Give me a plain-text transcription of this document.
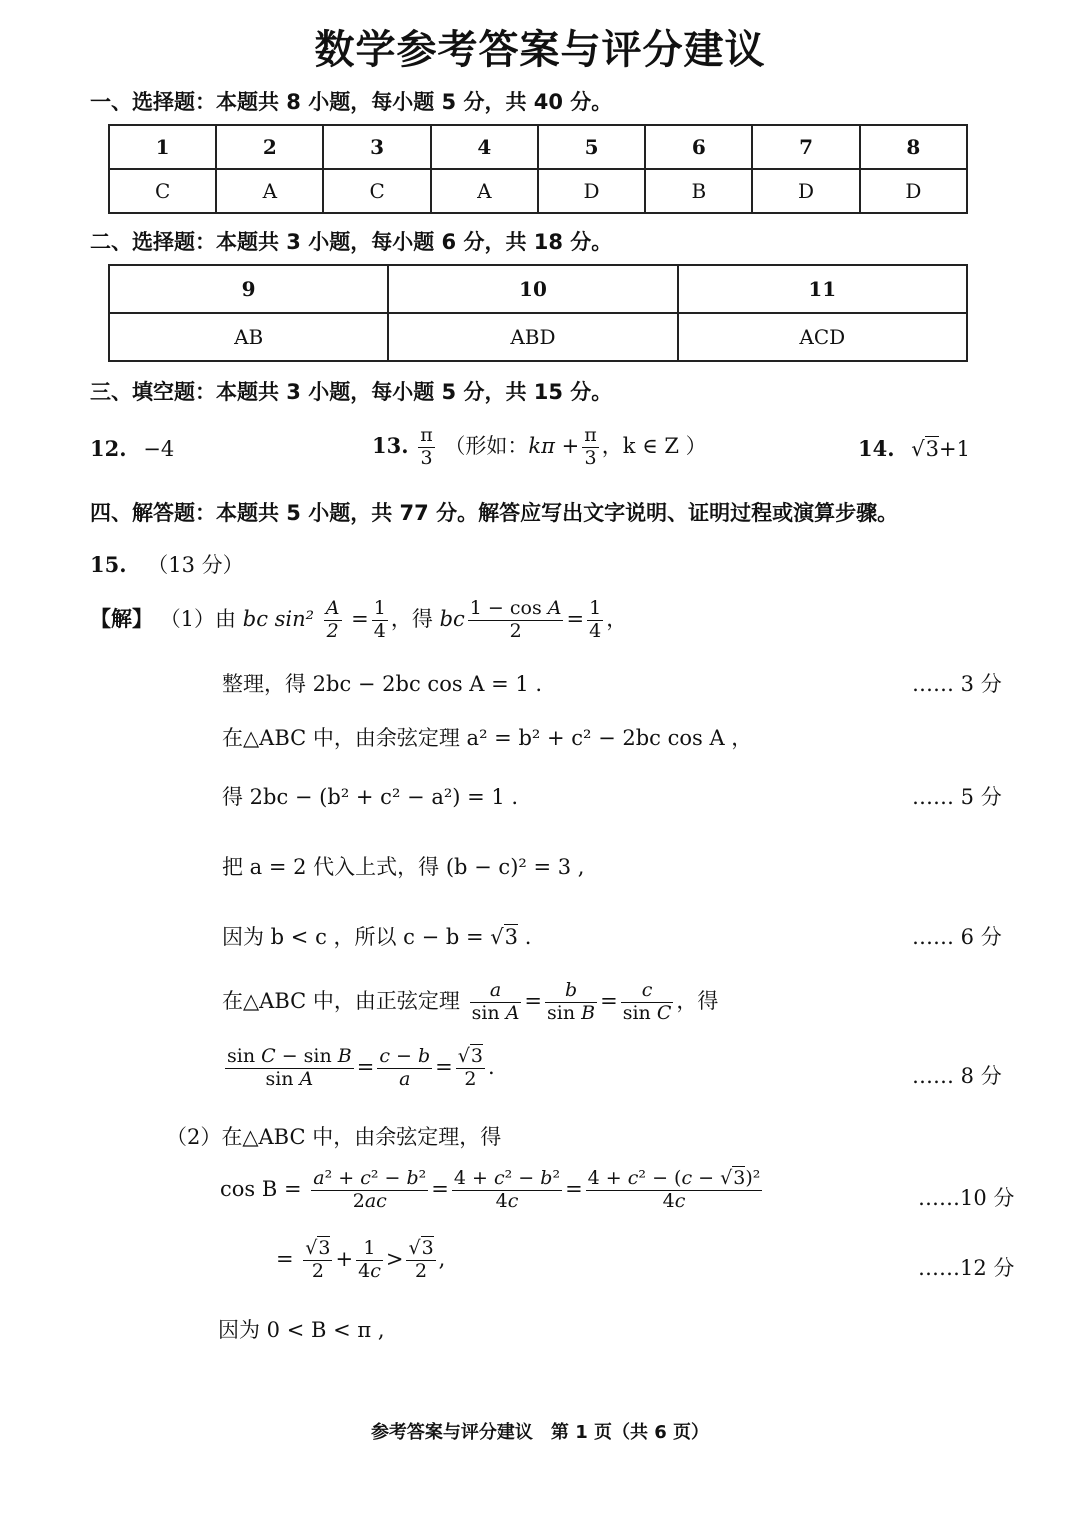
数学参考答案与评分建议
一、选择题：本题共 8 小题，每小题 5 分，共 40 分。
1	2	3	4	5	6	7	8
C	A	C	A	D	B	D	D
二、选择题：本题共 3 小题，每小题 6 分，共 18 分。
9	10	11
AB	ABD	ACD
三、填空题：本题共 3 小题，每小题 5 分，共 15 分。
12. −4	13. $\frac{\pi}{3}$ （形如：$k\pi + \frac{\pi}{3}$ ，k ∈ Z ）	14. √3+1
四、解答题：本题共 5 小题，共 77 分。解答应写出文字说明、证明过程或演算步骤。
15. （13 分）
【解】 （1）由 bc $\sin^2 \frac{A}{2} = \frac{1}{4}$ ，得 bc $\frac{\text{1 − cos A}}{2} = \frac{1}{4}$ ，
整理，得 2bc − 2bc cos A = 1 .	…… 3 分
在△ABC 中，由余弦定理 a² = b² + c² − 2bc cos A ，
得 2bc − (b² + c² − a²) = 1 .	…… 5 分
把 a = 2 代入上式，得 (b − c)² = 3 ,
因为 b < c ，所以 c − b = √3 .	…… 6 分
在△ABC 中，由正弦定理 $\frac{a}{\text{sin A}} = \frac{b}{\text{sin B}} = \frac{c}{\text{sin C}}$ ，得
$\frac{\text{sin C − sin B}}{\text{sin A}} = \frac{c - b}{a} = \frac{√3}{2}$ .	…… 8 分
（2）在△ABC 中，由余弦定理，得
$\cos B = \frac{\text{a² + c² − b²}}{2ac} = \frac{\text{4 + c² − b²}}{4c} = \frac{\text{4 + c² − (c − √3)²}}{4c}$	……10 分
= $\frac{√3}{2} + \frac{1}{4c} > \frac{√3}{2}$ ,	……12 分
因为 0 < B < π ,
参考答案与评分建议　第 1 页（共 6 页）
